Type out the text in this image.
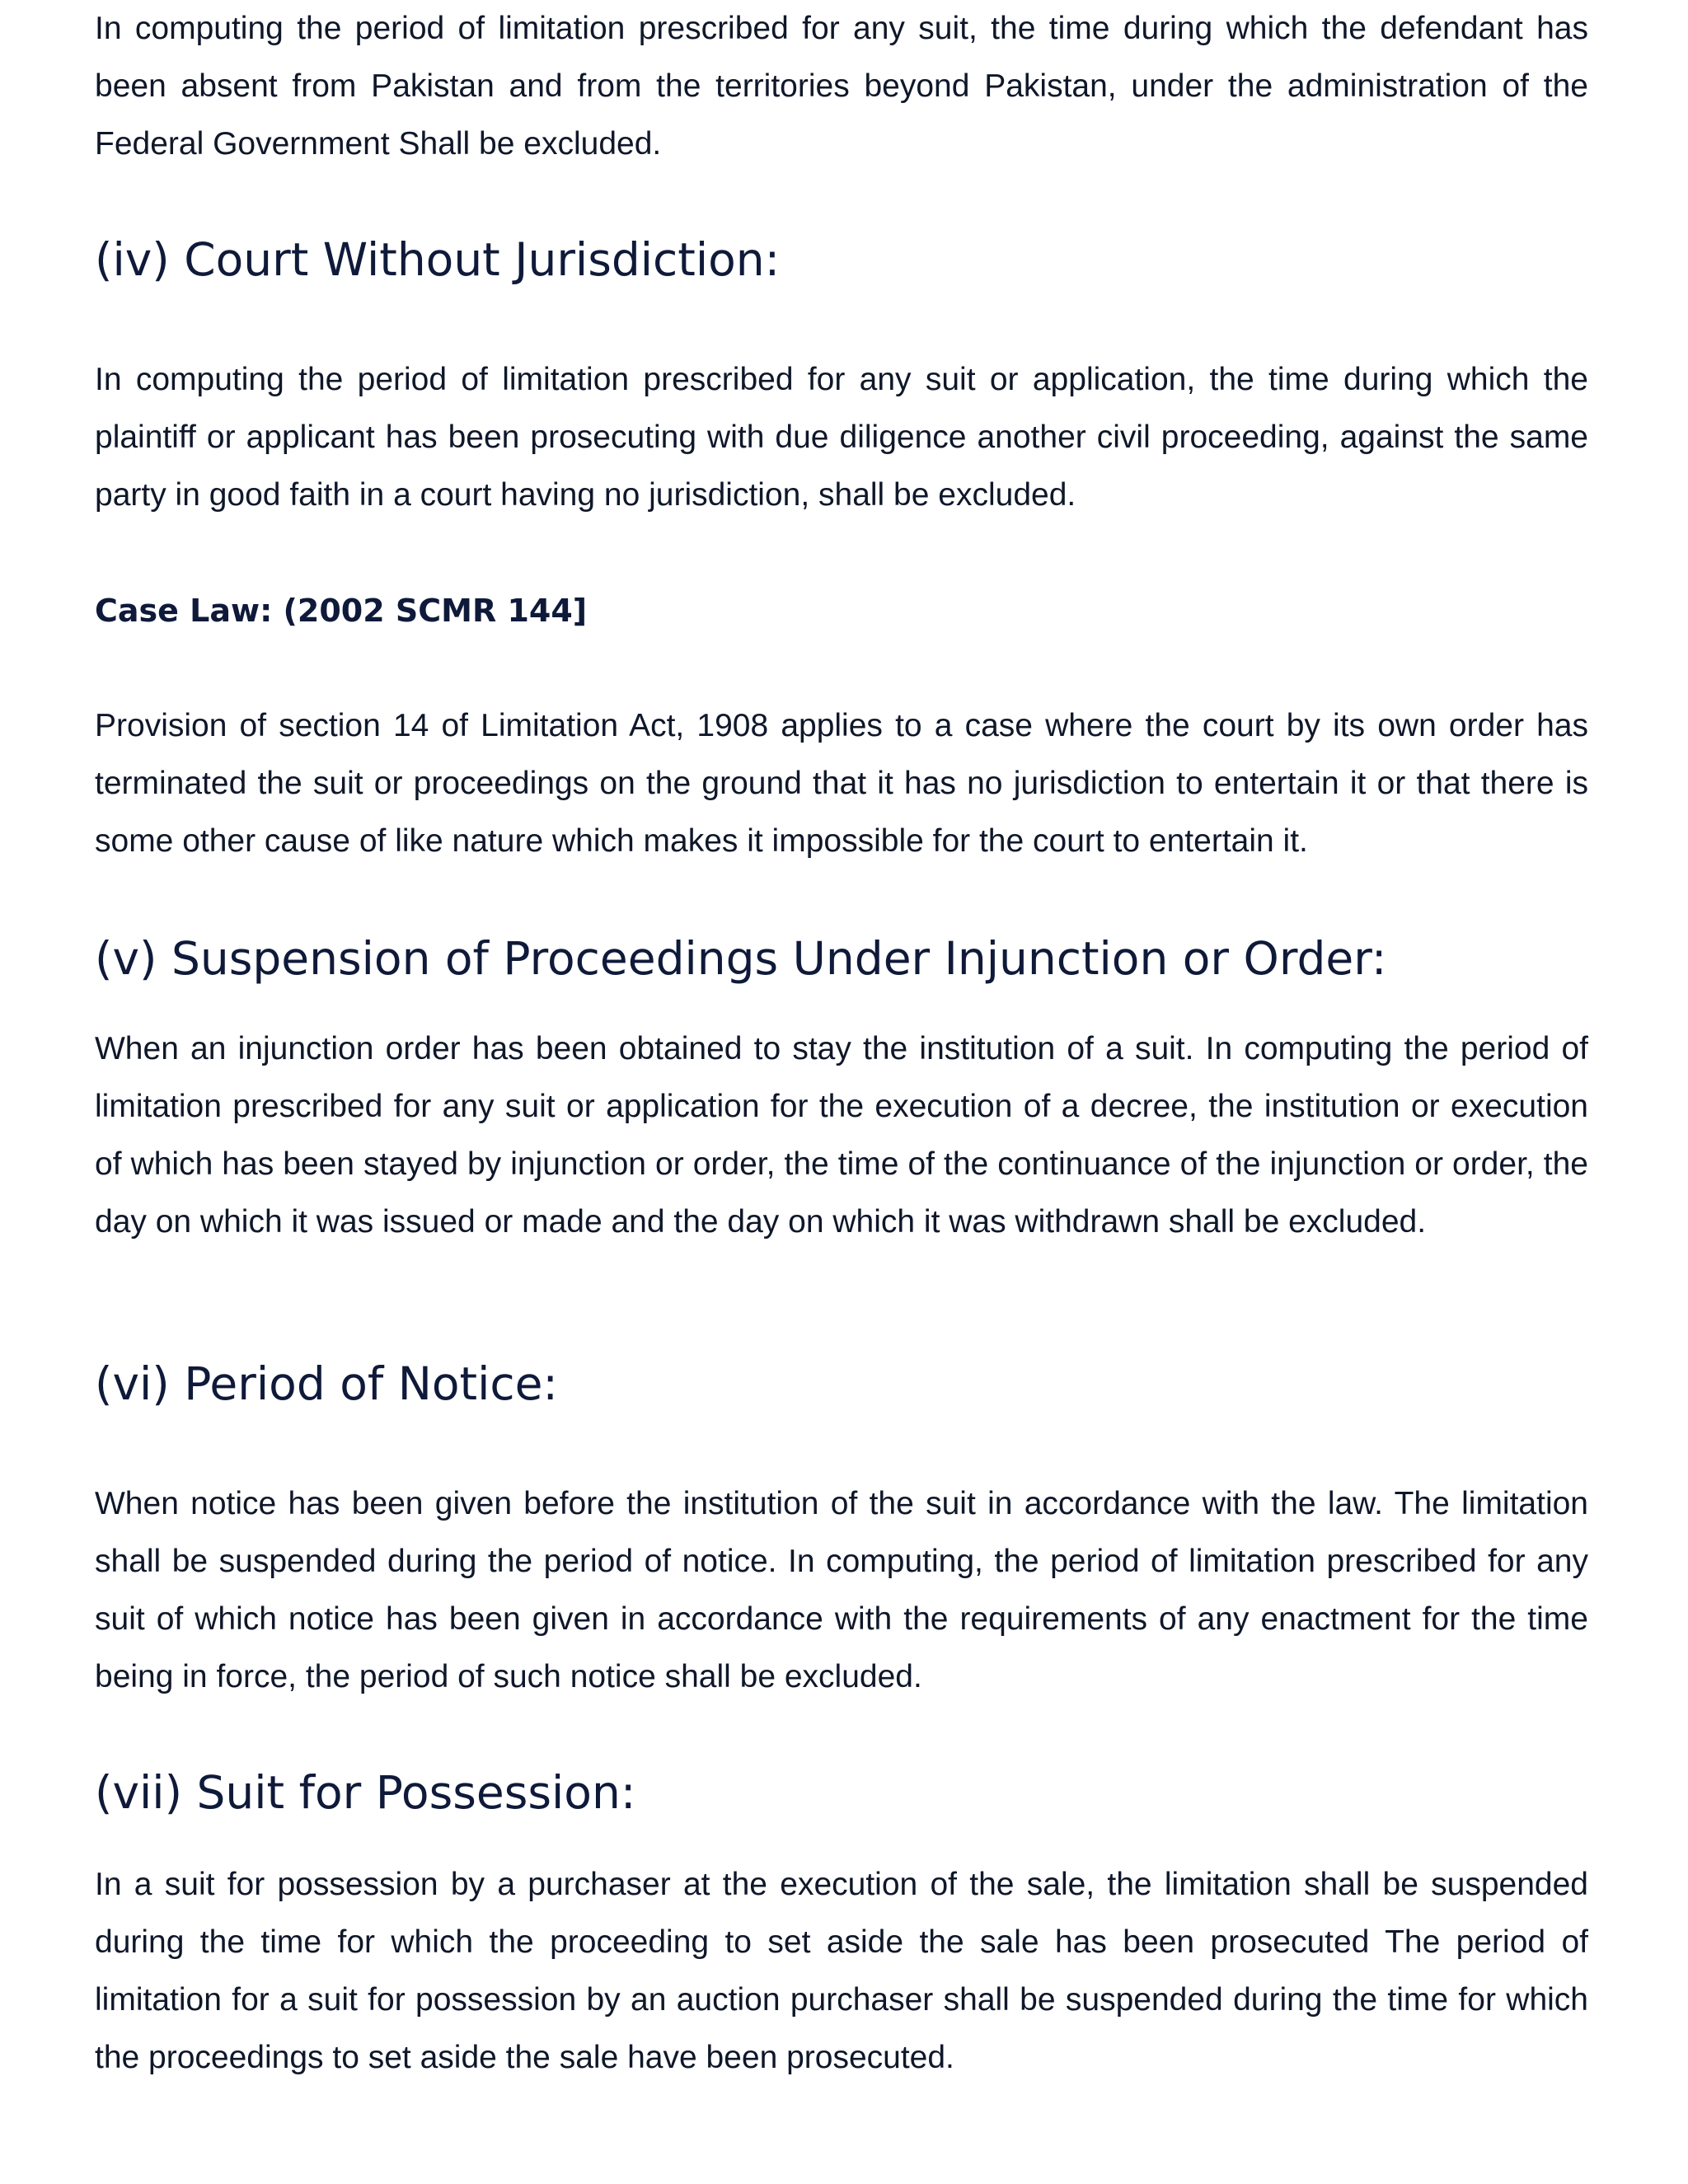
In computing the period of limitation prescribed for any suit, the time during which the defendant has been absent from Pakistan and from the territories beyond Pakistan, under the administration of the Federal Government Shall be excluded.

(iv) Court Without Jurisdiction:

In computing the period of limitation prescribed for any suit or application, the time during which the plaintiff or applicant has been prosecuting with due diligence another civil proceeding, against the same party in good faith in a court having no jurisdiction, shall be excluded.

Case Law: (2002 SCMR 144]

Provision of section 14 of Limitation Act, 1908 applies to a case where the court by its own order has terminated the suit or proceedings on the ground that it has no jurisdiction to entertain it or that there is some other cause of like nature which makes it impossible for the court to entertain it.

(v) Suspension of Proceedings Under Injunction or Order:

When an injunction order has been obtained to stay the institution of a suit. In computing the period of limitation prescribed for any suit or application for the execution of a decree, the institution or execution of which has been stayed by injunction or order, the time of the continuance of the injunction or order, the day on which it was issued or made and the day on which it was withdrawn shall be excluded.

(vi) Period of Notice:

When notice has been given before the institution of the suit in accordance with the law. The limitation shall be suspended during the period of notice. In computing, the period of limitation prescribed for any suit of which notice has been given in accordance with the requirements of any enactment for the time being in force, the period of such notice shall be excluded.

(vii) Suit for Possession:

In a suit for possession by a purchaser at the execution of the sale, the limitation shall be suspended during the time for which the proceeding to set aside the sale has been prosecuted The period of limitation for a suit for possession by an auction purchaser shall be suspended during the time for which the proceedings to set aside the sale have been prosecuted.
